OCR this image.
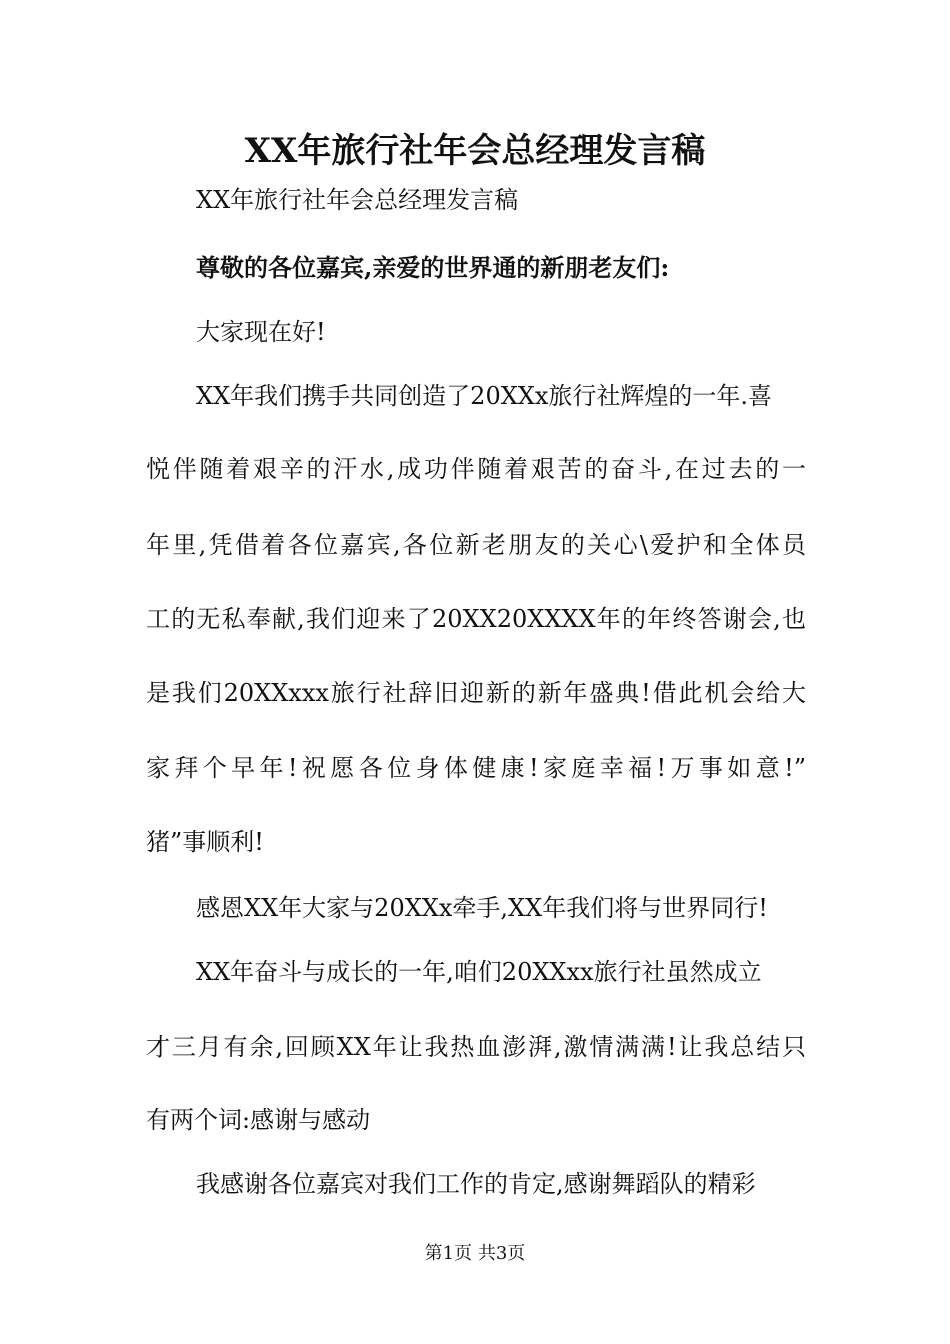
XX年旅行社年会总经理发言稿
XX年旅行社年会总经理发言稿
尊敬的各位嘉宾,亲爱的世界通的新朋老友们:
大家现在好!
XX年我们携手共同创造了20XXx旅行社辉煌的一年.喜
悦伴随着艰辛的汗水,成功伴随着艰苦的奋斗,在过去的一
年里,凭借着各位嘉宾,各位新老朋友的关心\爱护和全体员
工的无私奉献,我们迎来了20XX20XXXX年的年终答谢会,也
是我们20XXxxx旅行社辞旧迎新的新年盛典!借此机会给大
家拜个早年!祝愿各位身体健康!家庭幸福!万事如意!”
猪”事顺利!
感恩XX年大家与20XXx牵手,XX年我们将与世界同行!
XX年奋斗与成长的一年,咱们20XXxx旅行社虽然成立
才三月有余,回顾XX年让我热血澎湃,激情满满!让我总结只
有两个词:感谢与感动
我感谢各位嘉宾对我们工作的肯定,感谢舞蹈队的精彩
第1页 共3页
